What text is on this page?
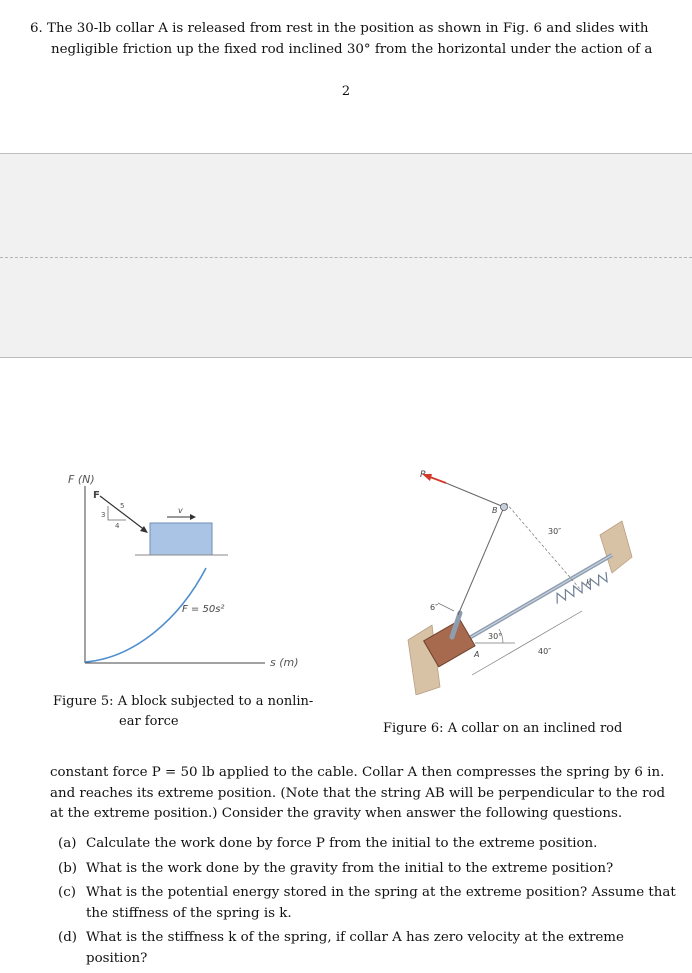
6. The 30-lb collar A is released from rest in the position as shown in Fig. 6 and slides with

negligible friction up the fixed rod inclined 30° from the horizontal under the action of a
2
F (N)
s (m)
v
F
3
4
5
F = 50s²
Figure 5: A block subjected to a nonlin-

ear force
k
A
B
P
30″
40″
6″
30°
Figure 6: A collar on an inclined rod
constant force P = 50 lb applied to the cable. Collar A then compresses the spring by 6 in.
and reaches its extreme position. (Note that the string AB will be perpendicular to the rod
at the extreme position.) Consider the gravity when answer the following questions.
(a) Calculate the work done by force P from the initial to the extreme position.
(b) What is the work done by the gravity from the initial to the extreme position?
(c) What is the potential energy stored in the spring at the extreme position? Assume that the stiffness of the spring is k.
(d) What is the stiffness k of the spring, if collar A has zero velocity at the extreme position?
